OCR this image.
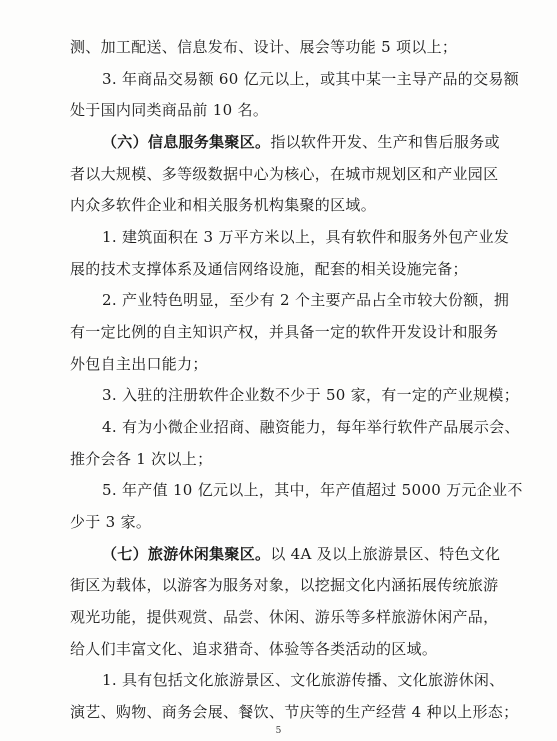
测、加工配送、信息发布、设计、展会等功能 5 项以上；
3. 年商品交易额 60 亿元以上，或其中某一主导产品的交易额
处于国内同类商品前 10 名。
（六）信息服务集聚区。指以软件开发、生产和售后服务或
者以大规模、多等级数据中心为核心，在城市规划区和产业园区
内众多软件企业和相关服务机构集聚的区域。
1. 建筑面积在 3 万平方米以上，具有软件和服务外包产业发
展的技术支撑体系及通信网络设施，配套的相关设施完备；
2. 产业特色明显，至少有 2 个主要产品占全市较大份额，拥
有一定比例的自主知识产权，并具备一定的软件开发设计和服务
外包自主出口能力；
3. 入驻的注册软件企业数不少于 50 家，有一定的产业规模；
4. 有为小微企业招商、融资能力，每年举行软件产品展示会、
推介会各 1 次以上；
5. 年产值 10 亿元以上，其中，年产值超过 5000 万元企业不
少于 3 家。
（七）旅游休闲集聚区。以 4A 及以上旅游景区、特色文化
街区为载体，以游客为服务对象，以挖掘文化内涵拓展传统旅游
观光功能，提供观赏、品尝、休闲、游乐等多样旅游休闲产品，
给人们丰富文化、追求猎奇、体验等各类活动的区域。
1. 具有包括文化旅游景区、文化旅游传播、文化旅游休闲、
演艺、购物、商务会展、餐饮、节庆等的生产经营 4 种以上形态；
5
